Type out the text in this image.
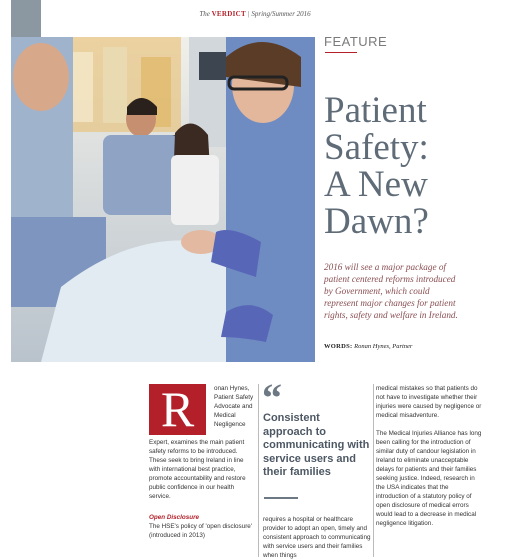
The VERDICT | Spring/Summer 2016
FEATURE
Patient
Safety:
A New
Dawn?
2016 will see a major package of patient centered reforms introduced by Government, which could represent major changes for patient rights, safety and welfare in Ireland.
WORDS: Ronan Hynes, Partner
R	onan Hynes, Patient Safety Advocate and Medical Negligence

Expert, examines the main patient safety reforms to be introduced. These seek to bring Ireland in line with international best practice, promote accountability and restore public confidence in our health service.

Open Disclosure

The HSE's policy of 'open disclosure' (introduced in 2013)

“
Consistent approach to communicating with service users and their families
requires a hospital or healthcare provider to adopt an open, timely and consistent approach to communicating with service users and their families when things

medical mistakes so that patients do not have to investigate whether their injuries were caused by negligence or medical misadventure.

The Medical Injuries Alliance has long been calling for the introduction of similar duty of candour legislation in Ireland to eliminate unacceptable delays for patients and their families seeking justice. Indeed, research in the USA indicates that the introduction of a statutory policy of open disclosure of medical errors would lead to a decrease in medical negligence litigation.
